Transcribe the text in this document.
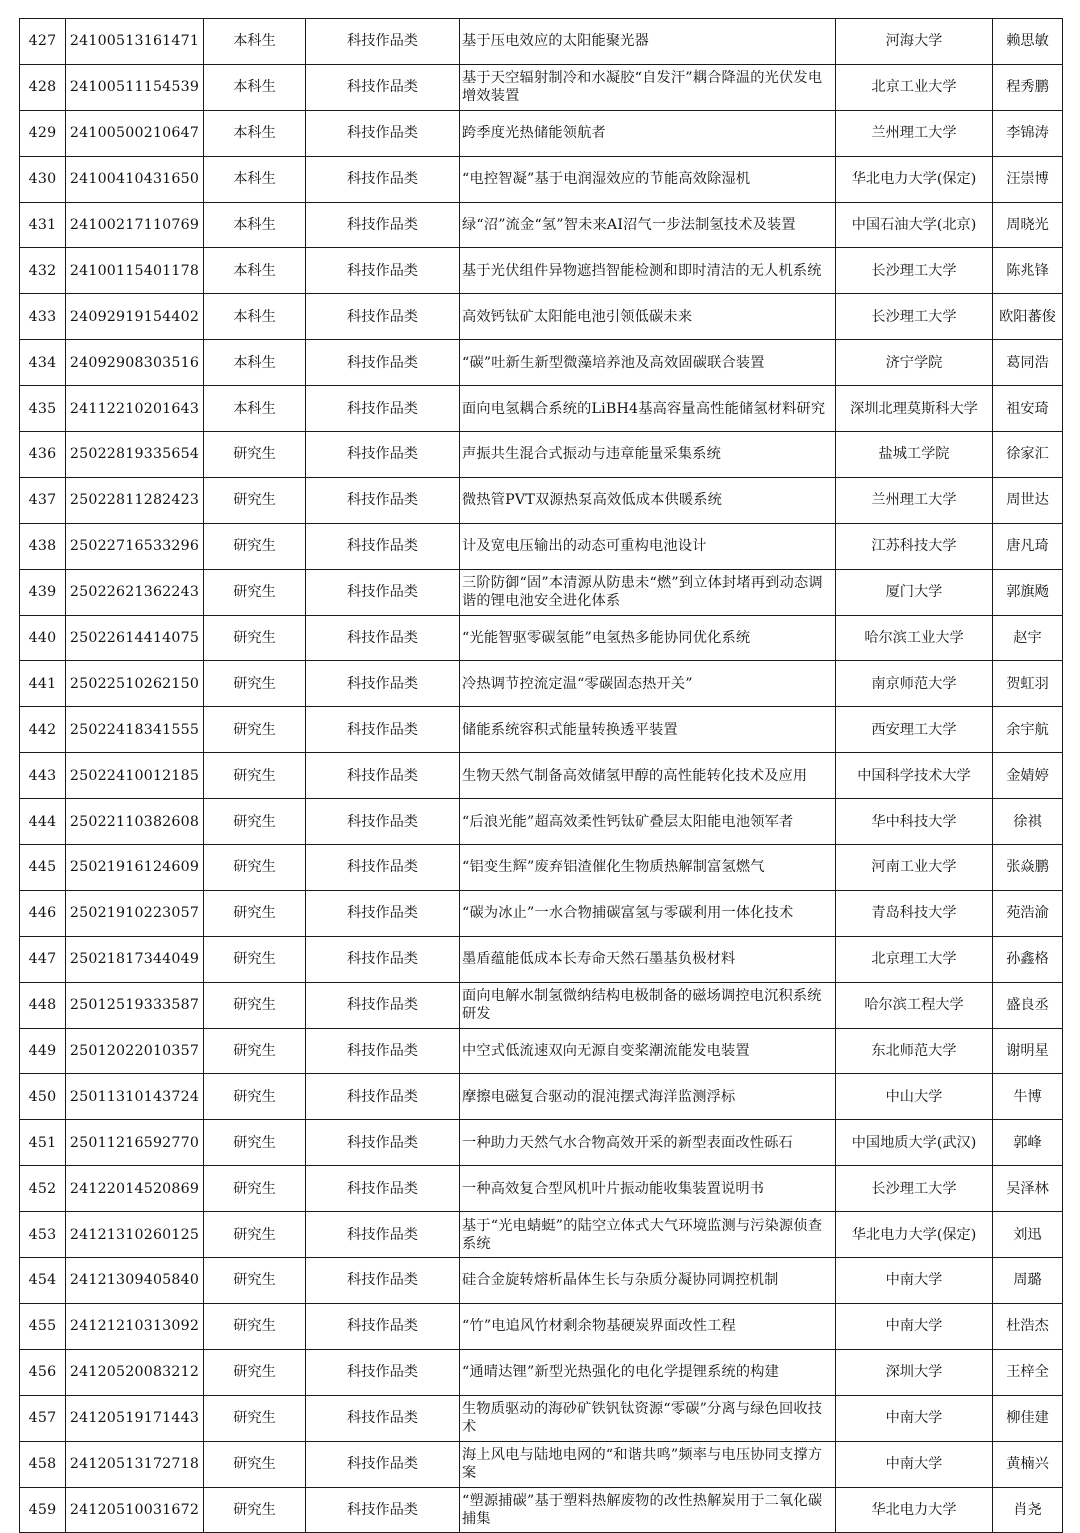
427	24100513161471	本科生	科技作品类	基于压电效应的太阳能聚光器	河海大学	赖思敏
428	24100511154539	本科生	科技作品类	基于天空辐射制冷和水凝胶“自发汗”耦合降温的光伏发电增效装置	北京工业大学	程秀鹏
429	24100500210647	本科生	科技作品类	跨季度光热储能领航者	兰州理工大学	李锦涛
430	24100410431650	本科生	科技作品类	“电控智凝”基于电润湿效应的节能高效除湿机	华北电力大学(保定)	汪崇博
431	24100217110769	本科生	科技作品类	绿“沼”流金“氢”智未来AI沼气一步法制氢技术及装置	中国石油大学(北京)	周晓光
432	24100115401178	本科生	科技作品类	基于光伏组件异物遮挡智能检测和即时清洁的无人机系统	长沙理工大学	陈兆锋
433	24092919154402	本科生	科技作品类	高效钙钛矿太阳能电池引领低碳未来	长沙理工大学	欧阳蕃俊
434	24092908303516	本科生	科技作品类	“碳”吐新生新型微藻培养池及高效固碳联合装置	济宁学院	葛同浩
435	24112210201643	本科生	科技作品类	面向电氢耦合系统的LiBH4基高容量高性能储氢材料研究	深圳北理莫斯科大学	祖安琦
436	25022819335654	研究生	科技作品类	声振共生混合式振动与违章能量采集系统	盐城工学院	徐家汇
437	25022811282423	研究生	科技作品类	微热管PVT双源热泵高效低成本供暖系统	兰州理工大学	周世达
438	25022716533296	研究生	科技作品类	计及宽电压输出的动态可重构电池设计	江苏科技大学	唐凡琦
439	25022621362243	研究生	科技作品类	三阶防御“固”本清源从防患未“燃”到立体封堵再到动态调谐的锂电池安全进化体系	厦门大学	郭旗飏
440	25022614414075	研究生	科技作品类	“光能智驱零碳氢能”电氢热多能协同优化系统	哈尔滨工业大学	赵宇
441	25022510262150	研究生	科技作品类	冷热调节控流定温“零碳固态热开关”	南京师范大学	贺虹羽
442	25022418341555	研究生	科技作品类	储能系统容积式能量转换透平装置	西安理工大学	余宇航
443	25022410012185	研究生	科技作品类	生物天然气制备高效储氢甲醇的高性能转化技术及应用	中国科学技术大学	金婧婷
444	25022110382608	研究生	科技作品类	“后浪光能”超高效柔性钙钛矿叠层太阳能电池领军者	华中科技大学	徐祺
445	25021916124609	研究生	科技作品类	“铝变生辉”废弃铝渣催化生物质热解制富氢燃气	河南工业大学	张焱鹏
446	25021910223057	研究生	科技作品类	“碳为冰止”一水合物捕碳富氢与零碳利用一体化技术	青岛科技大学	苑浩渝
447	25021817344049	研究生	科技作品类	墨盾蕴能低成本长寿命天然石墨基负极材料	北京理工大学	孙鑫格
448	25012519333587	研究生	科技作品类	面向电解水制氢微纳结构电极制备的磁场调控电沉积系统研发	哈尔滨工程大学	盛良丞
449	25012022010357	研究生	科技作品类	中空式低流速双向无源自变桨潮流能发电装置	东北师范大学	谢明星
450	25011310143724	研究生	科技作品类	摩擦电磁复合驱动的混沌摆式海洋监测浮标	中山大学	牛博
451	25011216592770	研究生	科技作品类	一种助力天然气水合物高效开采的新型表面改性砾石	中国地质大学(武汉)	郭峰
452	24122014520869	研究生	科技作品类	一种高效复合型风机叶片振动能收集装置说明书	长沙理工大学	吴泽林
453	24121310260125	研究生	科技作品类	基于“光电蜻蜓”的陆空立体式大气环境监测与污染源侦查系统	华北电力大学(保定)	刘迅
454	24121309405840	研究生	科技作品类	硅合金旋转熔析晶体生长与杂质分凝协同调控机制	中南大学	周璐
455	24121210313092	研究生	科技作品类	“竹”电追风竹材剩余物基硬炭界面改性工程	中南大学	杜浩杰
456	24120520083212	研究生	科技作品类	“通晴达锂”新型光热强化的电化学提锂系统的构建	深圳大学	王梓全
457	24120519171443	研究生	科技作品类	生物质驱动的海砂矿铁钒钛资源“零碳”分离与绿色回收技术	中南大学	柳佳建
458	24120513172718	研究生	科技作品类	海上风电与陆地电网的“和谐共鸣”频率与电压协同支撑方案	中南大学	黄楠兴
459	24120510031672	研究生	科技作品类	“塑源捕碳”基于塑料热解废物的改性热解炭用于二氧化碳捕集	华北电力大学	肖尧
